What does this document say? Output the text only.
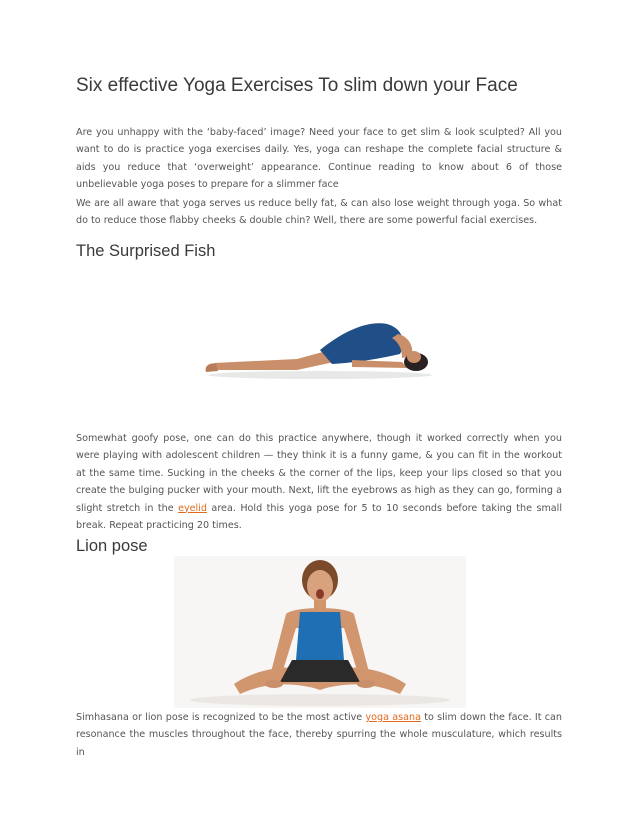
Six effective Yoga Exercises To slim down your Face

Are you unhappy with the ‘baby-faced’ image? Need your face to get slim & look sculpted? All you want to do is practice yoga exercises daily. Yes, yoga can reshape the complete facial structure & aids you reduce that ‘overweight’ appearance. Continue reading to know about 6 of those unbelievable yoga poses to prepare for a slimmer face

We are all aware that yoga serves us reduce belly fat, & can also lose weight through yoga. So what do to reduce those flabby cheeks & double chin? Well, there are some powerful facial exercises.

The Surprised Fish

Somewhat goofy pose, one can do this practice anywhere, though it worked correctly when you were playing with adolescent children — they think it is a funny game, & you can fit in the workout at the same time. Sucking in the cheeks & the corner of the lips, keep your lips closed so that you create the bulging pucker with your mouth. Next, lift the eyebrows as high as they can go, forming a slight stretch in the eyelid area. Hold this yoga pose for 5 to 10 seconds before taking the small break. Repeat practicing 20 times.

Lion pose

Simhasana or lion pose is recognized to be the most active yoga asana to slim down the face. It can resonance the muscles throughout the face, thereby spurring the whole musculature, which results in
